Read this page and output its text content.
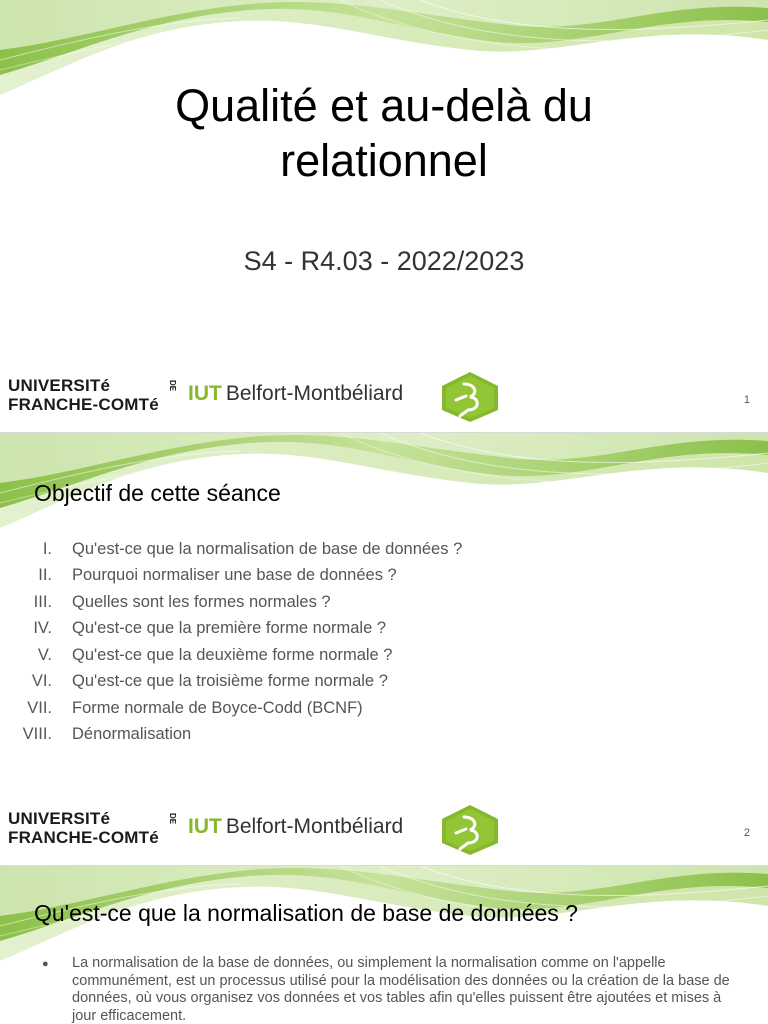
Qualité et au-delà du
relationnel
S4 - R4.03 - 2022/2023
UNIVERSITé
FRANCHE-COMTé
DE IUT Belfort-Montbéliard	1
Objectif de cette séance
I.	Qu'est-ce que la normalisation de base de données ?
II.	Pourquoi normaliser une base de données ?
III.	Quelles sont les formes normales ?
IV.	Qu'est-ce que la première forme normale ?
V.	Qu'est-ce que la deuxième forme normale ?
VI.	Qu'est-ce que la troisième forme normale ?
VII.	Forme normale de Boyce-Codd (BCNF)
VIII.	Dénormalisation
UNIVERSITé
FRANCHE-COMTé
DE IUT Belfort-Montbéliard	2
Qu'est-ce que la normalisation de base de données ?
●	La normalisation de la base de données, ou simplement la normalisation comme on l'appelle communément, est un processus utilisé pour la modélisation des données ou la création de la base de données, où vous organisez vos données et vos tables afin qu'elles puissent être ajoutées et mises à jour efficacement.
